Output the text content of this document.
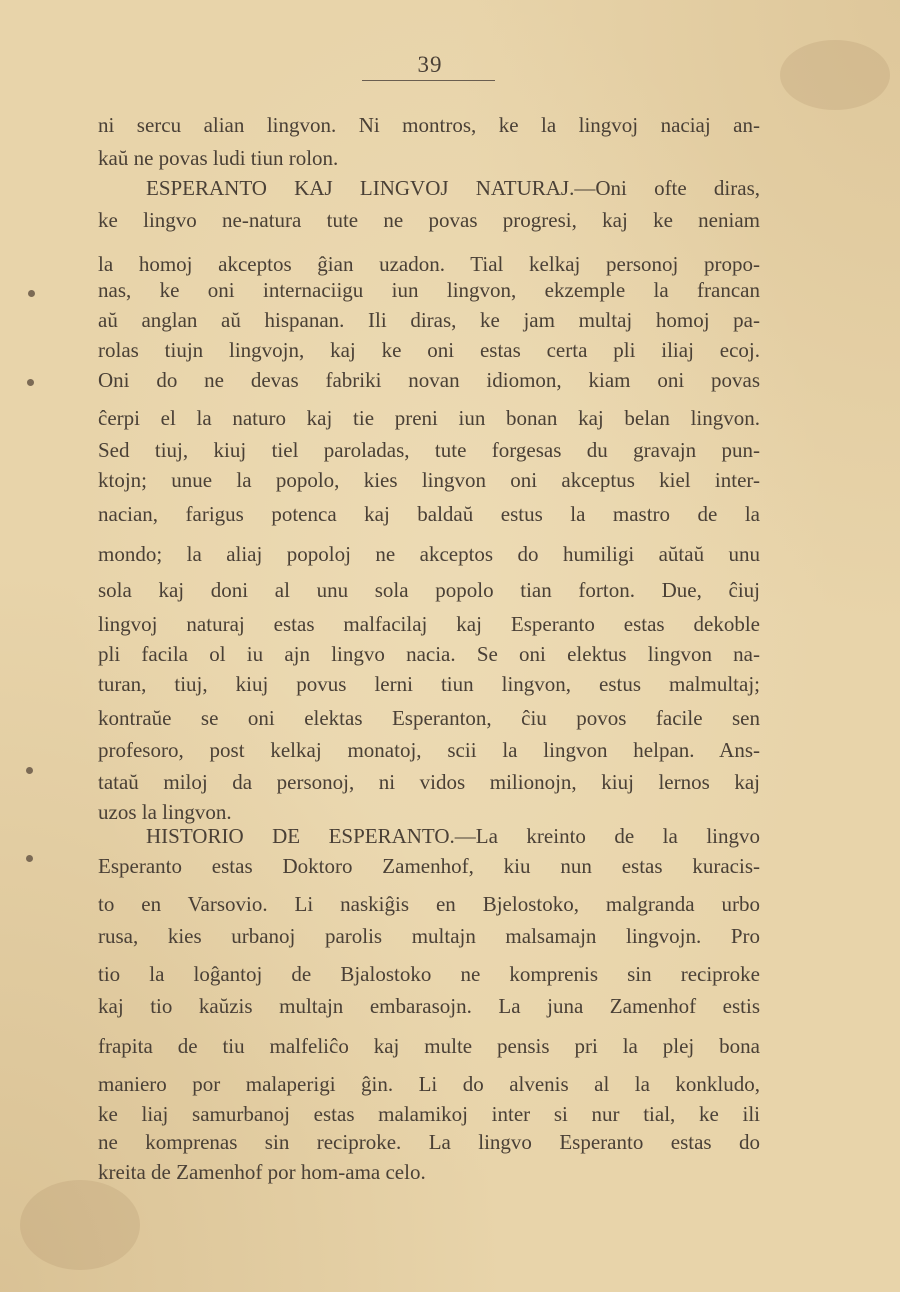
39
ni sercu alian lingvon. Ni montros, ke la lingvoj naciaj an-
kaŭ ne povas ludi tiun rolon.
ESPERANTO KAJ LINGVOJ NATURAJ.—Oni ofte diras,
ke lingvo ne-natura tute ne povas progresi, kaj ke neniam
la homoj akceptos ĝian uzadon. Tial kelkaj personoj propo-
nas, ke oni internaciigu iun lingvon, ekzemple la francan
aŭ anglan aŭ hispanan. Ili diras, ke jam multaj homoj pa-
rolas tiujn lingvojn, kaj ke oni estas certa pli iliaj ecoj.
Oni do ne devas fabriki novan idiomon, kiam oni povas
ĉerpi el la naturo kaj tie preni iun bonan kaj belan lingvon.
Sed tiuj, kiuj tiel paroladas, tute forgesas du gravajn pun-
ktojn; unue la popolo, kies lingvon oni akceptus kiel inter-
nacian, farigus potenca kaj baldaŭ estus la mastro de la
mondo; la aliaj popoloj ne akceptos do humiligi aŭtaŭ unu
sola kaj doni al unu sola popolo tian forton. Due, ĉiuj
lingvoj naturaj estas malfacilaj kaj Esperanto estas dekoble
pli facila ol iu ajn lingvo nacia. Se oni elektus lingvon na-
turan, tiuj, kiuj povus lerni tiun lingvon, estus malmultaj;
kontraŭe se oni elektas Esperanton, ĉiu povos facile sen
profesoro, post kelkaj monatoj, scii la lingvon helpan. Ans-
tataŭ miloj da personoj, ni vidos milionojn, kiuj lernos kaj
uzos la lingvon.
HISTORIO DE ESPERANTO.—La kreinto de la lingvo
Esperanto estas Doktoro Zamenhof, kiu nun estas kuracis-
to en Varsovio. Li naskiĝis en Bjelostoko, malgranda urbo
rusa, kies urbanoj parolis multajn malsamajn lingvojn. Pro
tio la loĝantoj de Bjalostoko ne komprenis sin reciproke
kaj tio kaŭzis multajn embarasojn. La juna Zamenhof estis
frapita de tiu malfeliĉo kaj multe pensis pri la plej bona
maniero por malaperigi ĝin. Li do alvenis al la konkludo,
ke liaj samurbanoj estas malamikoj inter si nur tial, ke ili
ne komprenas sin reciproke. La lingvo Esperanto estas do
kreita de Zamenhof por hom-ama celo.
